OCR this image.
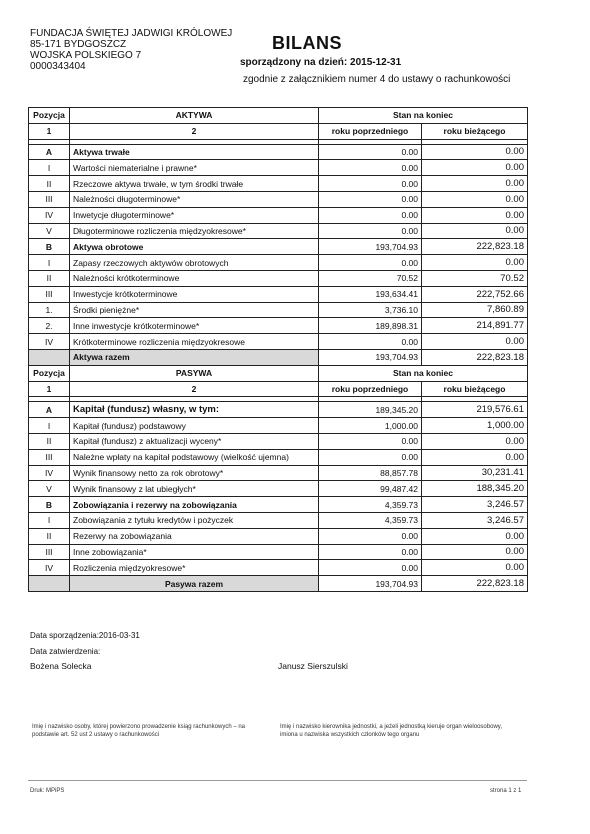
FUNDACJA ŚWIĘTEJ JADWIGI KRÓLOWEJ
85-171 BYDGOSZCZ
WOJSKA POLSKIEGO 7
0000343404
BILANS
sporządzony na dzień: 2015-12-31
zgodnie z załącznikiem numer 4 do ustawy o rachunkowości
Pozycja	AKTYWA	Stan na koniec	
1	2	roku poprzedniego	roku bieżącego

A	Aktywa trwałe	0.00	0.00
I	Wartości niematerialne i prawne*	0.00	0.00
II	Rzeczowe aktywa trwałe, w tym środki trwałe	0.00	0.00
III	Należności długoterminowe*	0.00	0.00
IV	Inwetycje długoterminowe*	0.00	0.00
V	Długoterminowe rozliczenia międzyokresowe*	0.00	0.00
B	Aktywa obrotowe	193,704.93	222,823.18
I	Zapasy rzeczowych aktywów obrotowych	0.00	0.00
II	Należności krótkoterminowe	70.52	70.52
III	Inwestycje krótkoterminowe	193,634.41	222,752.66
1.	Środki pieniężne*	3,736.10	7,860.89
2.	Inne inwestycje krótkoterminowe*	189,898.31	214,891.77
IV	Krótkoterminowe rozliczenia międzyokresowe	0.00	0.00
	Aktywa razem	193,704.93	222,823.18
Pozycja	PASYWA	Stan na koniec	
1	2	roku poprzedniego	roku bieżącego

A	Kapitał (fundusz) własny, w tym:	189,345.20	219,576.61
I	Kapitał (fundusz) podstawowy	1,000.00	1,000.00
II	Kapitał (fundusz) z aktualizacji wyceny*	0.00	0.00
III	Należne wpłaty na kapitał podstawowy (wielkość ujemna)	0.00	0.00
IV	Wynik finansowy netto za rok obrotowy*	88,857.78	30,231.41
V	Wynik finansowy z lat ubiegłych*	99,487.42	188,345.20
B	Zobowiązania i rezerwy na zobowiązania	4,359.73	3,246.57
I	Zobowiązania z tytułu kredytów i pożyczek	4,359.73	3,246.57
II	Rezerwy na zobowiązania	0.00	0.00
III	Inne zobowiązania*	0.00	0.00
IV	Rozliczenia międzyokresowe*	0.00	0.00
	Pasywa razem	193,704.93	222,823.18
Data sporządzenia:2016-03-31
Data zatwierdzenia:
Bożena Solecka	Janusz Sierszulski
Imię i nazwisko osoby, której powierzono prowadzenie ksiąg rachunkowych – na podstawie art. 52 ust 2 ustawy o rachunkowości
Imię i nazwisko kierownika jednostki, a jeżeli jednostką kieruje organ wieloosobowy, imiona u nazwiska wszystkich członków tego organu
Druk: MPiPS	strona 1 z 1
